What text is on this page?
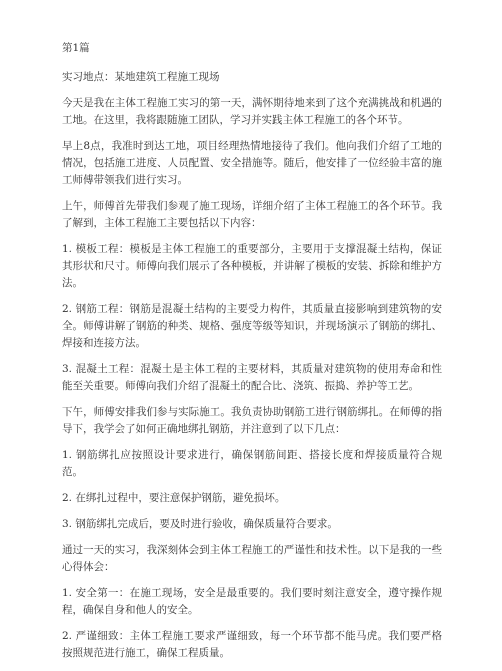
第1篇

实习地点：某地建筑工程施工现场

今天是我在主体工程施工实习的第一天，满怀期待地来到了这个充满挑战和机遇的工地。在这里，我将跟随施工团队，学习并实践主体工程施工的各个环节。

早上8点，我准时到达工地，项目经理热情地接待了我们。他向我们介绍了工地的情况，包括施工进度、人员配置、安全措施等。随后，他安排了一位经验丰富的施工师傅带领我们进行实习。

上午，师傅首先带我们参观了施工现场，详细介绍了主体工程施工的各个环节。我了解到，主体工程施工主要包括以下内容：

1. 模板工程：模板是主体工程施工的重要部分，主要用于支撑混凝土结构，保证其形状和尺寸。师傅向我们展示了各种模板，并讲解了模板的安装、拆除和维护方法。

2. 钢筋工程：钢筋是混凝土结构的主要受力构件，其质量直接影响到建筑物的安全。师傅讲解了钢筋的种类、规格、强度等级等知识，并现场演示了钢筋的绑扎、焊接和连接方法。

3. 混凝土工程：混凝土是主体工程的主要材料，其质量对建筑物的使用寿命和性能至关重要。师傅向我们介绍了混凝土的配合比、浇筑、振捣、养护等工艺。

下午，师傅安排我们参与实际施工。我负责协助钢筋工进行钢筋绑扎。在师傅的指导下，我学会了如何正确地绑扎钢筋，并注意到了以下几点：

1. 钢筋绑扎应按照设计要求进行，确保钢筋间距、搭接长度和焊接质量符合规范。

2. 在绑扎过程中，要注意保护钢筋，避免损坏。

3. 钢筋绑扎完成后，要及时进行验收，确保质量符合要求。

通过一天的实习，我深刻体会到主体工程施工的严谨性和技术性。以下是我的一些心得体会：

1. 安全第一：在施工现场，安全是最重要的。我们要时刻注意安全，遵守操作规程，确保自身和他人的安全。

2. 严谨细致：主体工程施工要求严谨细致，每一个环节都不能马虎。我们要严格按照规范进行施工，确保工程质量。
